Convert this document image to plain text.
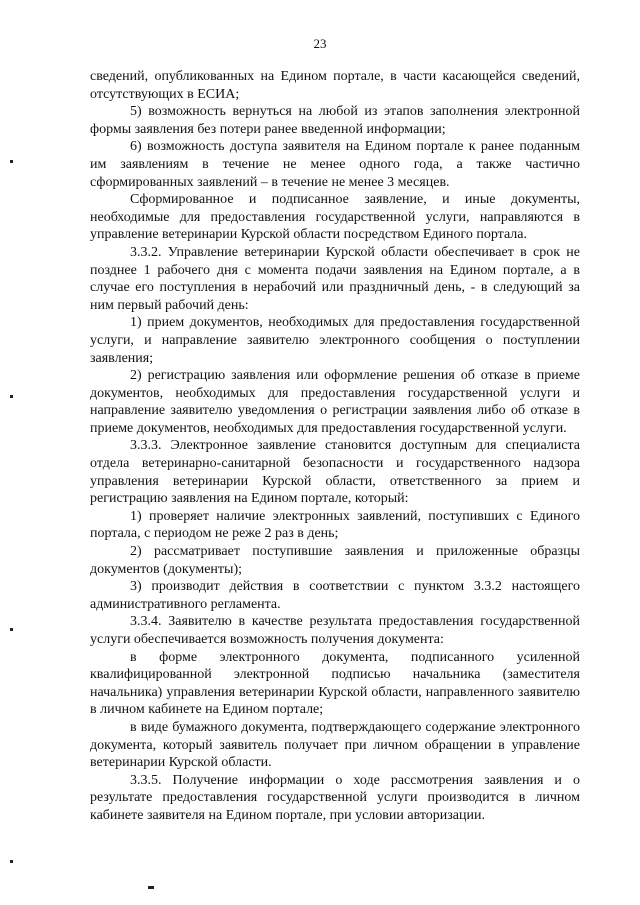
23

сведений, опубликованных на Едином портале, в части касающейся сведений, отсутствующих в ЕСИА;

5) возможность вернуться на любой из этапов заполнения электронной формы заявления без потери ранее введенной информации;

6) возможность доступа заявителя на Едином портале к ранее поданным им заявлениям в течение не менее одного года, а также частично сформированных заявлений – в течение не менее 3 месяцев.

Сформированное и подписанное заявление, и иные документы, необходимые для предоставления государственной услуги, направляются в управление ветеринарии Курской области посредством Единого портала.

3.3.2. Управление ветеринарии Курской области обеспечивает в срок не позднее 1 рабочего дня с момента подачи заявления на Едином портале, а в случае его поступления в нерабочий или праздничный день, - в следующий за ним первый рабочий день:

1) прием документов, необходимых для предоставления государственной услуги, и направление заявителю электронного сообщения о поступлении заявления;

2) регистрацию заявления или оформление решения об отказе в приеме документов, необходимых для предоставления государственной услуги и направление заявителю уведомления о регистрации заявления либо об отказе в приеме документов, необходимых для предоставления государственной услуги.

3.3.3. Электронное заявление становится доступным для специалиста отдела ветеринарно-санитарной безопасности и государственного надзора управления ветеринарии Курской области, ответственного за прием и регистрацию заявления на Едином портале, который:

1) проверяет наличие электронных заявлений, поступивших с Единого портала, с периодом не реже 2 раз в день;

2) рассматривает поступившие заявления и приложенные образцы документов (документы);

3) производит действия в соответствии с пунктом 3.3.2 настоящего административного регламента.

3.3.4. Заявителю в качестве результата предоставления государственной услуги обеспечивается возможность получения документа:

в форме электронного документа, подписанного усиленной квалифицированной электронной подписью начальника (заместителя начальника) управления ветеринарии Курской области, направленного заявителю в личном кабинете на Едином портале;

в виде бумажного документа, подтверждающего содержание электронного документа, который заявитель получает при личном обращении в управление ветеринарии Курской области.

3.3.5. Получение информации о ходе рассмотрения заявления и о результате предоставления государственной услуги производится в личном кабинете заявителя на Едином портале, при условии авторизации.
